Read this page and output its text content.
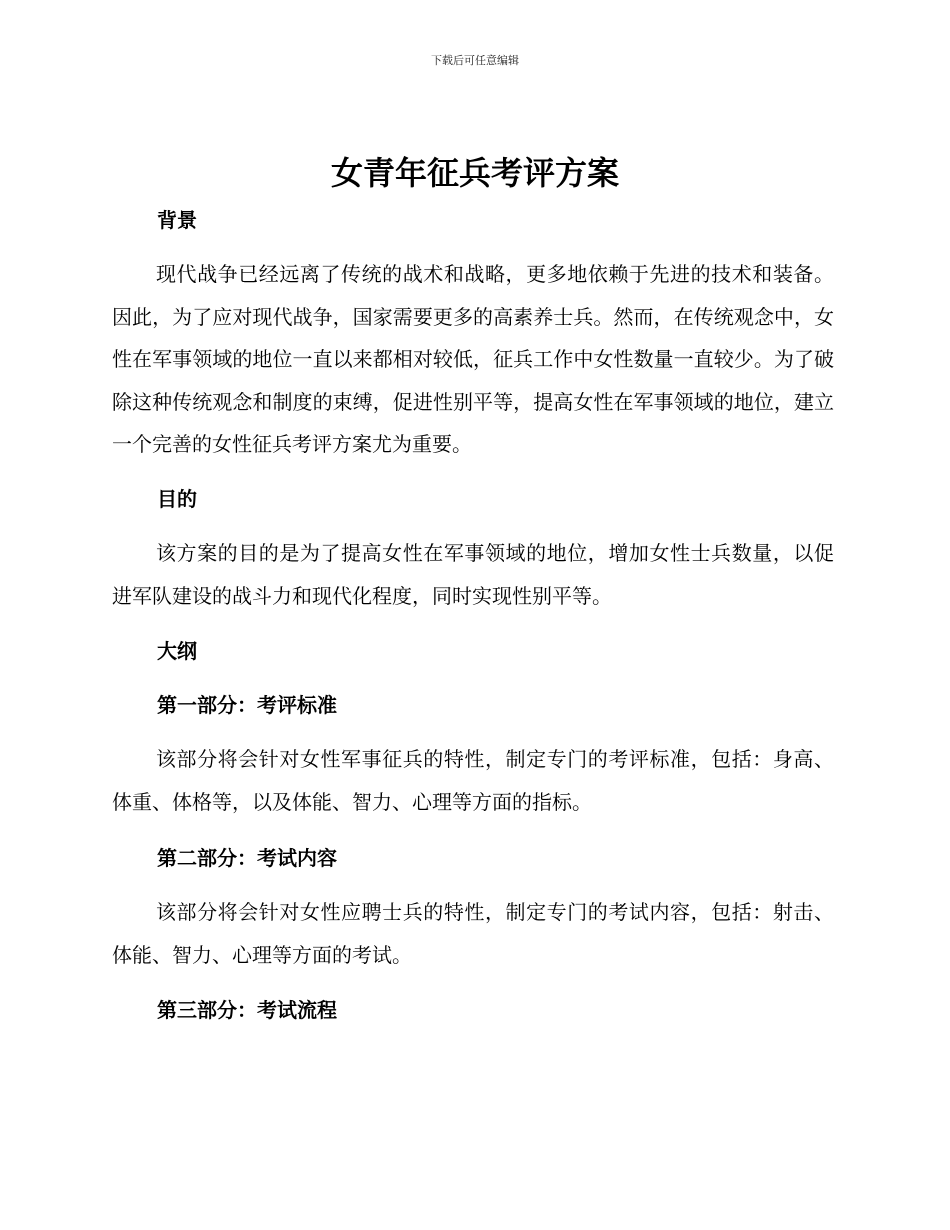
下载后可任意编辑
女青年征兵考评方案
背景

现代战争已经远离了传统的战术和战略，更多地依赖于先进的技术和装备。因此，为了应对现代战争，国家需要更多的高素养士兵。然而，在传统观念中，女性在军事领域的地位一直以来都相对较低，征兵工作中女性数量一直较少。为了破除这种传统观念和制度的束缚，促进性别平等，提高女性在军事领域的地位，建立一个完善的女性征兵考评方案尤为重要。

目的

该方案的目的是为了提高女性在军事领域的地位，增加女性士兵数量，以促进军队建设的战斗力和现代化程度，同时实现性别平等。

大纲
第一部分：考评标准

该部分将会针对女性军事征兵的特性，制定专门的考评标准，包括：身高、体重、体格等，以及体能、智力、心理等方面的指标。

第二部分：考试内容

该部分将会针对女性应聘士兵的特性，制定专门的考试内容，包括：射击、体能、智力、心理等方面的考试。

第三部分：考试流程
